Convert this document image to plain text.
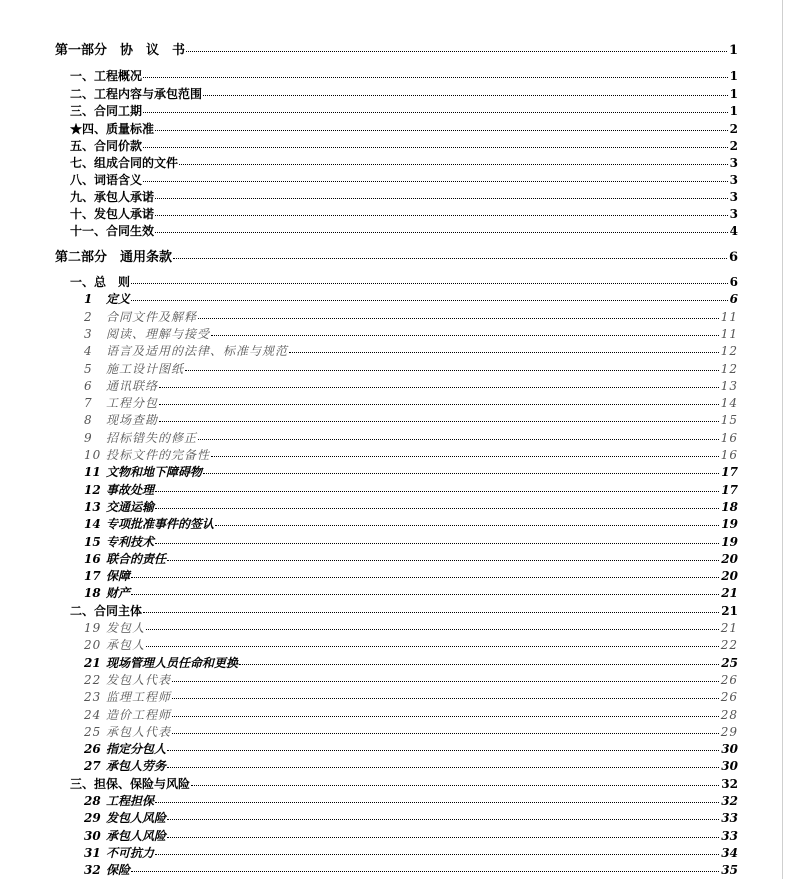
第一部分　协　议　书	1
一、工程概况	1
二、工程内容与承包范围	1
三、合同工期	1
★四、质量标准	2
五、合同价款	2
七、组成合同的文件	3
八、词语含义	3
九、承包人承诺	3
十、发包人承诺	3
十一、合同生效	4
第二部分　通用条款	6
一、总　则	6
1 定义	6
2 合同文件及解释	11
3 阅读、理解与接受	11
4 语言及适用的法律、标准与规范	12
5 施工设计图纸	12
6 通讯联络	13
7 工程分包	14
8 现场查勘	15
9 招标错失的修正	16
10 投标文件的完备性	16
11 文物和地下障碍物	17
12 事故处理	17
13 交通运输	18
14 专项批准事件的签认	19
15 专利技术	19
16 联合的责任	20
17 保障	20
18 财产	21
二、合同主体	21
19 发包人	21
20 承包人	22
21 现场管理人员任命和更换	25
22 发包人代表	26
23 监理工程师	26
24 造价工程师	28
25 承包人代表	29
26 指定分包人	30
27 承包人劳务	30
三、担保、保险与风险	32
28 工程担保	32
29 发包人风险	33
30 承包人风险	33
31 不可抗力	34
32 保险	35
